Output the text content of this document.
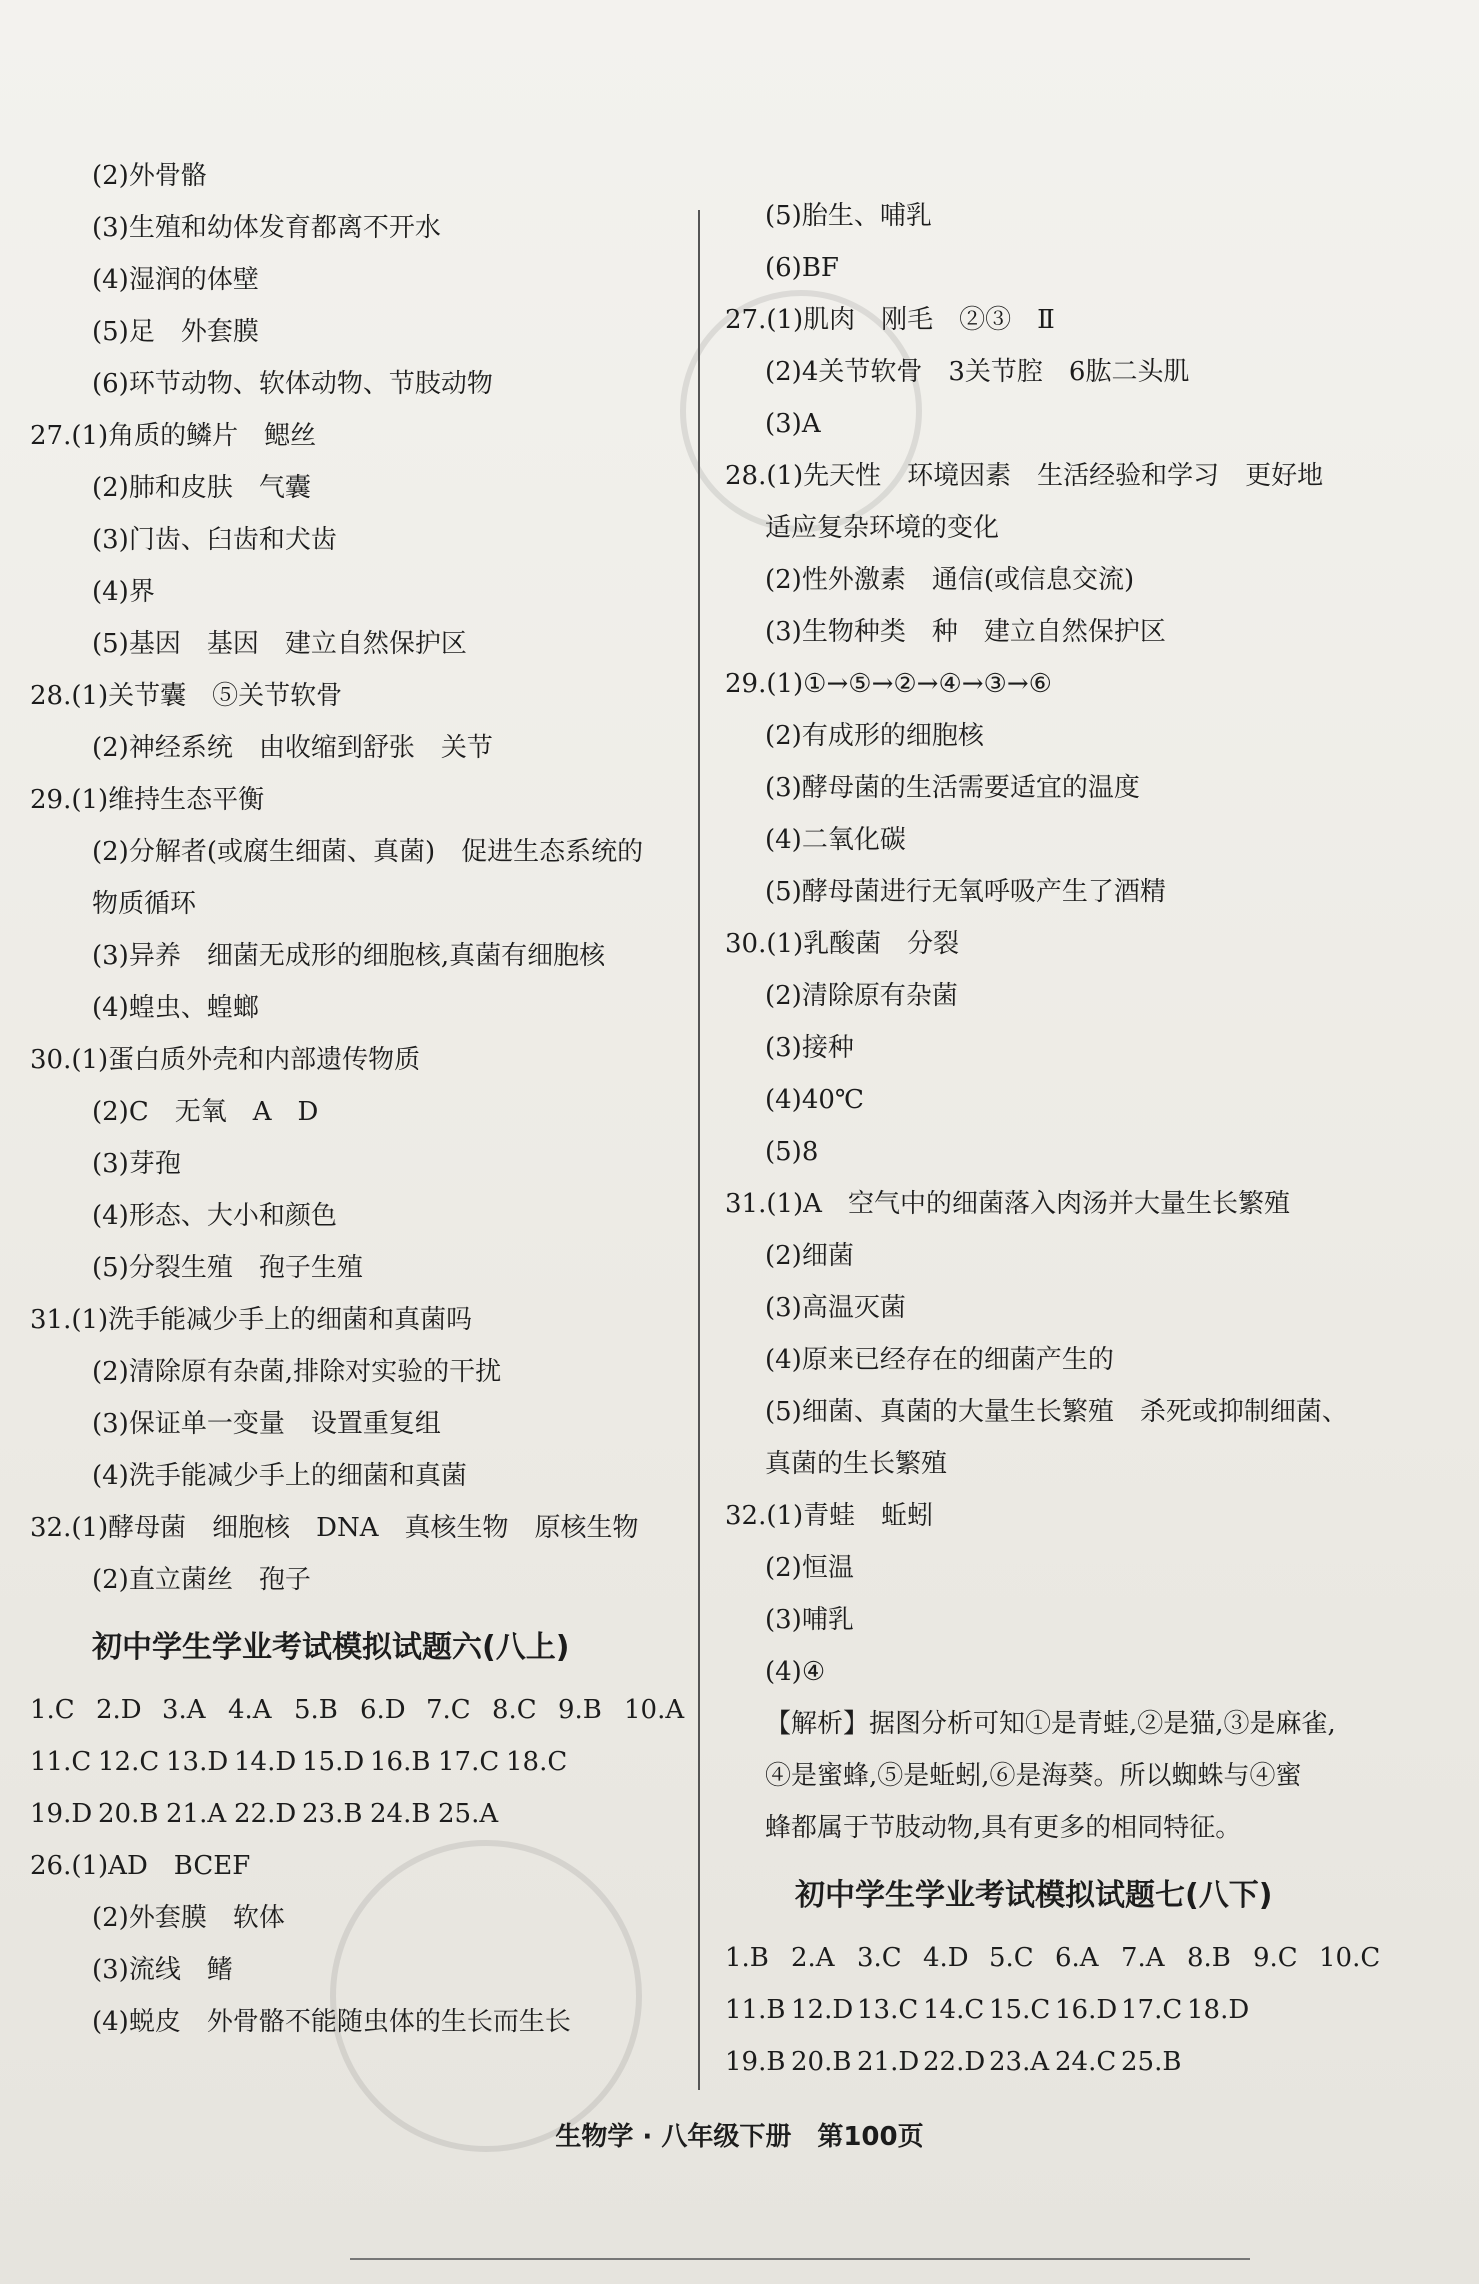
(2)外骨骼
(3)生殖和幼体发育都离不开水
(4)湿润的体壁
(5)足　外套膜
(6)环节动物、软体动物、节肢动物
27.(1)角质的鳞片　鳃丝
(2)肺和皮肤　气囊
(3)门齿、臼齿和犬齿
(4)界
(5)基因　基因　建立自然保护区
28.(1)关节囊　⑤关节软骨
(2)神经系统　由收缩到舒张　关节
29.(1)维持生态平衡
(2)分解者(或腐生细菌、真菌)　促进生态系统的
物质循环
(3)异养　细菌无成形的细胞核,真菌有细胞核
(4)蝗虫、蝗螂
30.(1)蛋白质外壳和内部遗传物质
(2)C　无氧　A　D
(3)芽孢
(4)形态、大小和颜色
(5)分裂生殖　孢子生殖
31.(1)洗手能减少手上的细菌和真菌吗
(2)清除原有杂菌,排除对实验的干扰
(3)保证单一变量　设置重复组
(4)洗手能减少手上的细菌和真菌
32.(1)酵母菌　细胞核　DNA　真核生物　原核生物
(2)直立菌丝　孢子
初中学生学业考试模拟试题六(八上)
1.C 2.D 3.A 4.A 5.B 6.D 7.C 8.C 9.B 10.A
11.C 12.C 13.D 14.D 15.D 16.B 17.C 18.C
19.D 20.B 21.A 22.D 23.B 24.B 25.A
26.(1)AD　BCEF
(2)外套膜　软体
(3)流线　鳍
(4)蜕皮　外骨骼不能随虫体的生长而生长
(5)胎生、哺乳
(6)BF
27.(1)肌肉　刚毛　②③　Ⅱ
(2)4关节软骨　3关节腔　6肱二头肌
(3)A
28.(1)先天性　环境因素　生活经验和学习　更好地
适应复杂环境的变化
(2)性外激素　通信(或信息交流)
(3)生物种类　种　建立自然保护区
29.(1)①→⑤→②→④→③→⑥
(2)有成形的细胞核
(3)酵母菌的生活需要适宜的温度
(4)二氧化碳
(5)酵母菌进行无氧呼吸产生了酒精
30.(1)乳酸菌　分裂
(2)清除原有杂菌
(3)接种
(4)40℃
(5)8
31.(1)A　空气中的细菌落入肉汤并大量生长繁殖
(2)细菌
(3)高温灭菌
(4)原来已经存在的细菌产生的
(5)细菌、真菌的大量生长繁殖　杀死或抑制细菌、
真菌的生长繁殖
32.(1)青蛙　蚯蚓
(2)恒温
(3)哺乳
(4)④
【解析】据图分析可知①是青蛙,②是猫,③是麻雀,
④是蜜蜂,⑤是蚯蚓,⑥是海葵。所以蜘蛛与④蜜
蜂都属于节肢动物,具有更多的相同特征。
初中学生学业考试模拟试题七(八下)
1.B 2.A 3.C 4.D 5.C 6.A 7.A 8.B 9.C 10.C
11.B 12.D 13.C 14.C 15.C 16.D 17.C 18.D
19.B 20.B 21.D 22.D 23.A 24.C 25.B
生物学 · 八年级下册　第100页
